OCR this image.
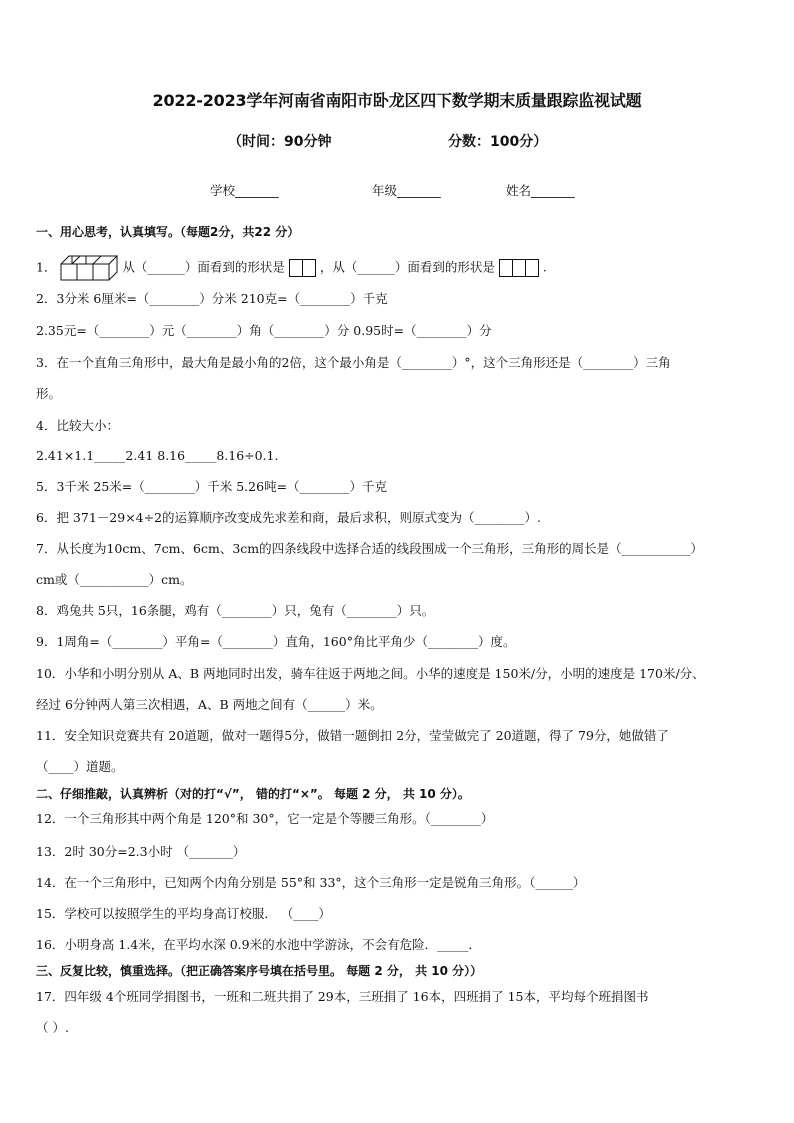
2022-2023学年河南省南阳市卧龙区四下数学期末质量跟踪监视试题
（时间：90分钟	分数：100分）
学校_______	年级_______	姓名_______
一、用心思考，认真填写。（每题2分，共22 分）
1．	从（______）面看到的形状是	，从（______）面看到的形状是	.
2．3分米 6厘米=（________）分米 210克=（________）千克
2.35元=（________）元（________）角（________）分 0.95时=（________）分
3．在一个直角三角形中，最大角是最小角的2倍，这个最小角是（________）°，这个三角形还是（________）三角
形。
4．比较大小：
2.41×1.1_____2.41 8.16_____8.16÷0.1.
5．3千米 25米=（________）千米 5.26吨=（________）千克
6．把 371－29×4÷2的运算顺序改变成先求差和商，最后求积，则原式变为（________）.
7．从长度为10cm、7cm、6cm、3cm的四条线段中选择合适的线段围成一个三角形，三角形的周长是（___________）
cm或（___________）cm。
8．鸡兔共 5只，16条腿，鸡有（________）只，兔有（________）只。
9．1周角=（________）平角=（________）直角，160°角比平角少（________）度。
10．小华和小明分别从 A、B 两地同时出发，骑车往返于两地之间。小华的速度是 150米/分，小明的速度是 170米/分、
经过 6分钟两人第三次相遇，A、B 两地之间有（______）米。
11．安全知识竞赛共有 20道题，做对一题得5分，做错一题倒扣 2分，莹莹做完了 20道题，得了 79分，她做错了
（____）道题。
二、仔细推敲，认真辨析（对的打“√”， 错的打“×”。 每题 2 分， 共 10 分）。
12．一个三角形其中两个角是 120°和 30°，它一定是个等腰三角形。（________）
13．2时 30分=2.3小时 （_______）
14．在一个三角形中，已知两个内角分别是 55°和 33°，这个三角形一定是锐角三角形。（______）
15．学校可以按照学生的平均身高订校服． （____）
16．小明身高 1.4米，在平均水深 0.9米的水池中学游泳，不会有危险．_____．
三、反复比较，慎重选择。（把正确答案序号填在括号里。 每题 2 分， 共 10 分））
17．四年级 4个班同学捐图书，一班和二班共捐了 29本，三班捐了 16本，四班捐了 15本，平均每个班捐图书
（ ）.
